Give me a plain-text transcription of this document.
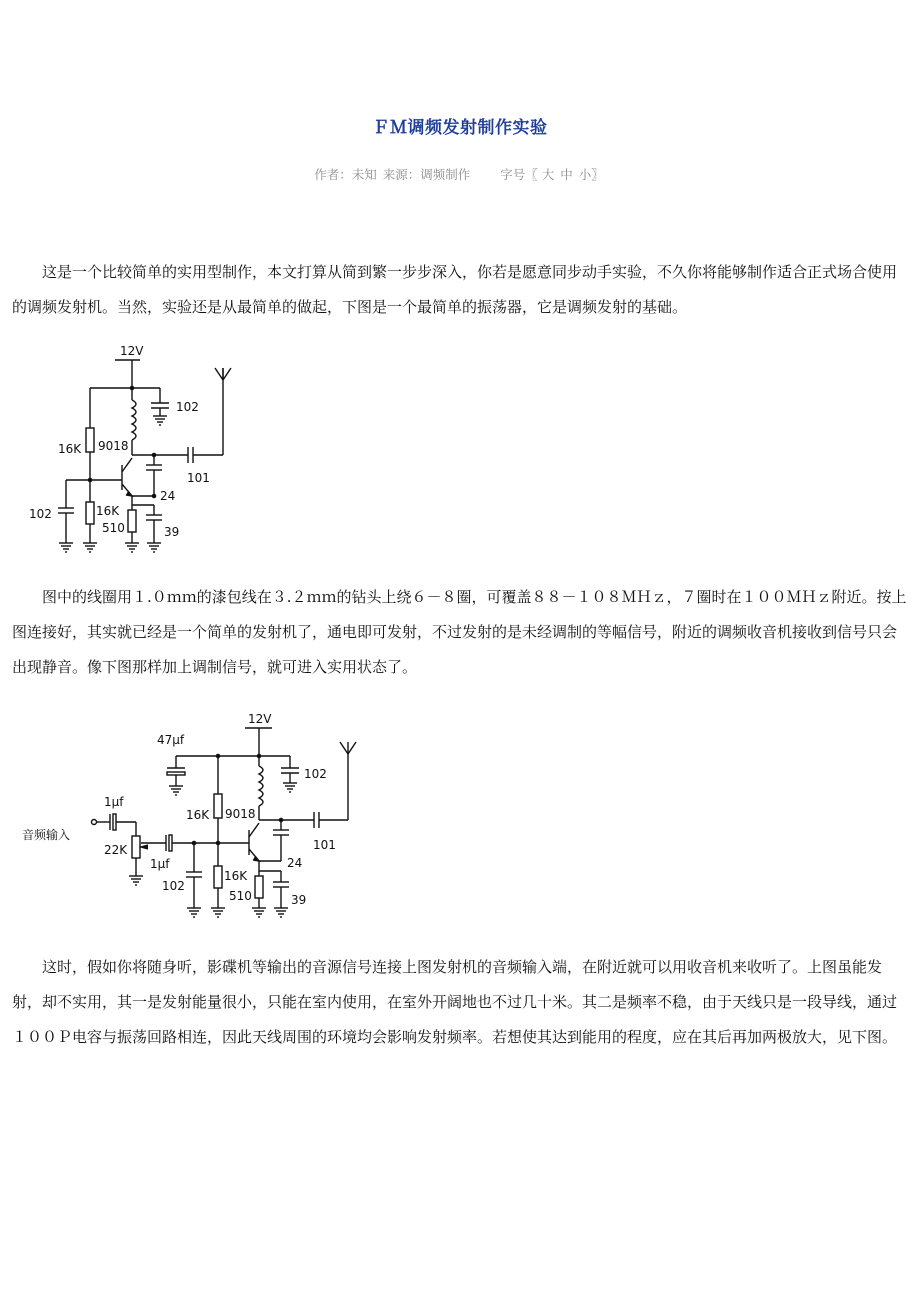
ＦＭ调频发射制作实验
作者：未知 来源：调频制作 字号〖 大 中 小〗

这是一个比较简单的实用型制作，本文打算从简到繁一步步深入，你若是愿意同步动手实验，不久你将能够制作适合正式场合使用的调频发射机。当然，实验还是从最简单的做起，下图是一个最简单的振荡器，它是调频发射的基础。

12V
16K
102
9018
101
24
510	39
16K
102

图中的线圈用１.０ｍｍ的漆包线在３.２ｍｍ的钻头上绕６－８圈，可覆盖８８－１０８ＭＨｚ，７圈时在１００ＭＨｚ附近。按上图连接好，其实就已经是一个简单的发射机了，通电即可发射，不过发射的是未经调制的等幅信号，附近的调频收音机接收到信号只会出现静音。像下图那样加上调制信号，就可进入实用状态了。

12V
47μf
102
16K 9018
101
24
510	39
16K
102
1μf
22K
1μf
音频输入

这时，假如你将随身听，影碟机等输出的音源信号连接上图发射机的音频输入端，在附近就可以用收音机来收听了。上图虽能发射，却不实用，其一是发射能量很小，只能在室内使用，在室外开阔地也不过几十米。其二是频率不稳，由于天线只是一段导线，通过１００Ｐ电容与振荡回路相连，因此天线周围的环境均会影响发射频率。若想使其达到能用的程度，应在其后再加两极放大，见下图。
